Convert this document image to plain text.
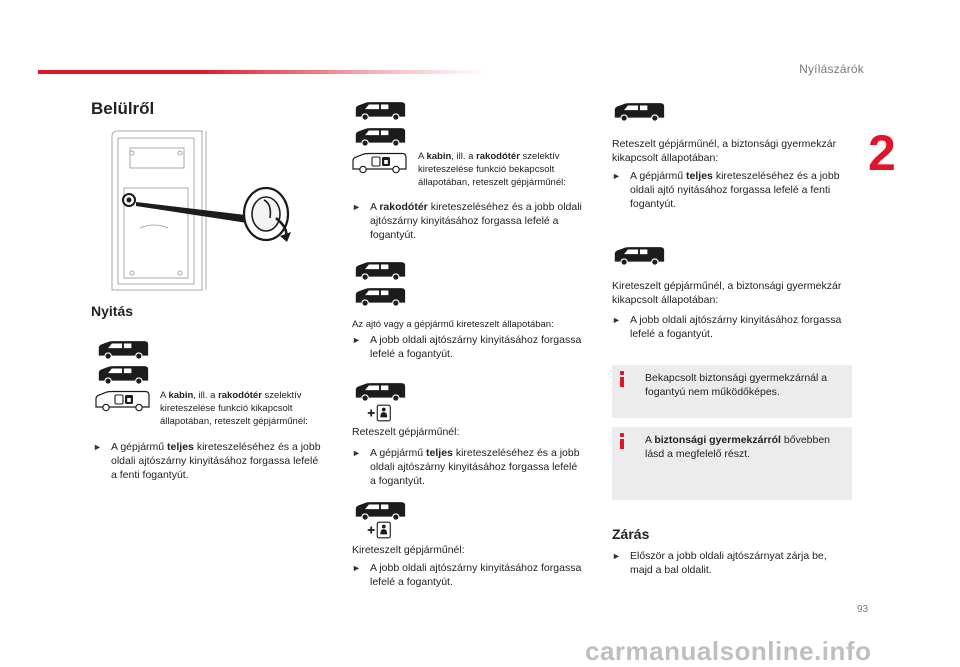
Nyílászárók
2
Belülről
Nyitás
A kabin, ill. a rakodótér szelektív kireteszelése funkció kikapcsolt állapotában, reteszelt gépjárműnél:
► A gépjármű teljes kireteszeléséhez és a jobb oldali ajtószárny kinyitásához forgassa lefelé a fenti fogantyút.
A kabin, ill. a rakodótér szelektív kireteszelése funkció bekapcsolt állapotában, reteszelt gépjárműnél:
► A rakodótér kireteszeléséhez és a jobb oldali ajtószárny kinyitásához forgassa lefelé a fogantyút.
Az ajtó vagy a gépjármű kireteszelt állapotában:
► A jobb oldali ajtószárny kinyitásához forgassa lefelé a fogantyút.
Reteszelt gépjárműnél:
► A gépjármű teljes kireteszeléséhez és a jobb oldali ajtószárny kinyitásához forgassa lefelé a fogantyút.
Kireteszelt gépjárműnél:
► A jobb oldali ajtószárny kinyitásához forgassa lefelé a fogantyút.
Reteszelt gépjárműnél, a biztonsági gyermekzár kikapcsolt állapotában:
► A gépjármű teljes kireteszeléséhez és a jobb oldali ajtó nyitásához forgassa lefelé a fenti fogantyút.
Kireteszelt gépjárműnél, a biztonsági gyermekzár kikapcsolt állapotában:
► A jobb oldali ajtószárny kinyitásához forgassa lefelé a fogantyút.
Bekapcsolt biztonsági gyermekzárnál a fogantyú nem működőképes.
A biztonsági gyermekzárról bővebben lásd a megfelelő részt.
Zárás
► Először a jobb oldali ajtószárnyat zárja be, majd a bal oldalit.
93
carmanualsonline.info
